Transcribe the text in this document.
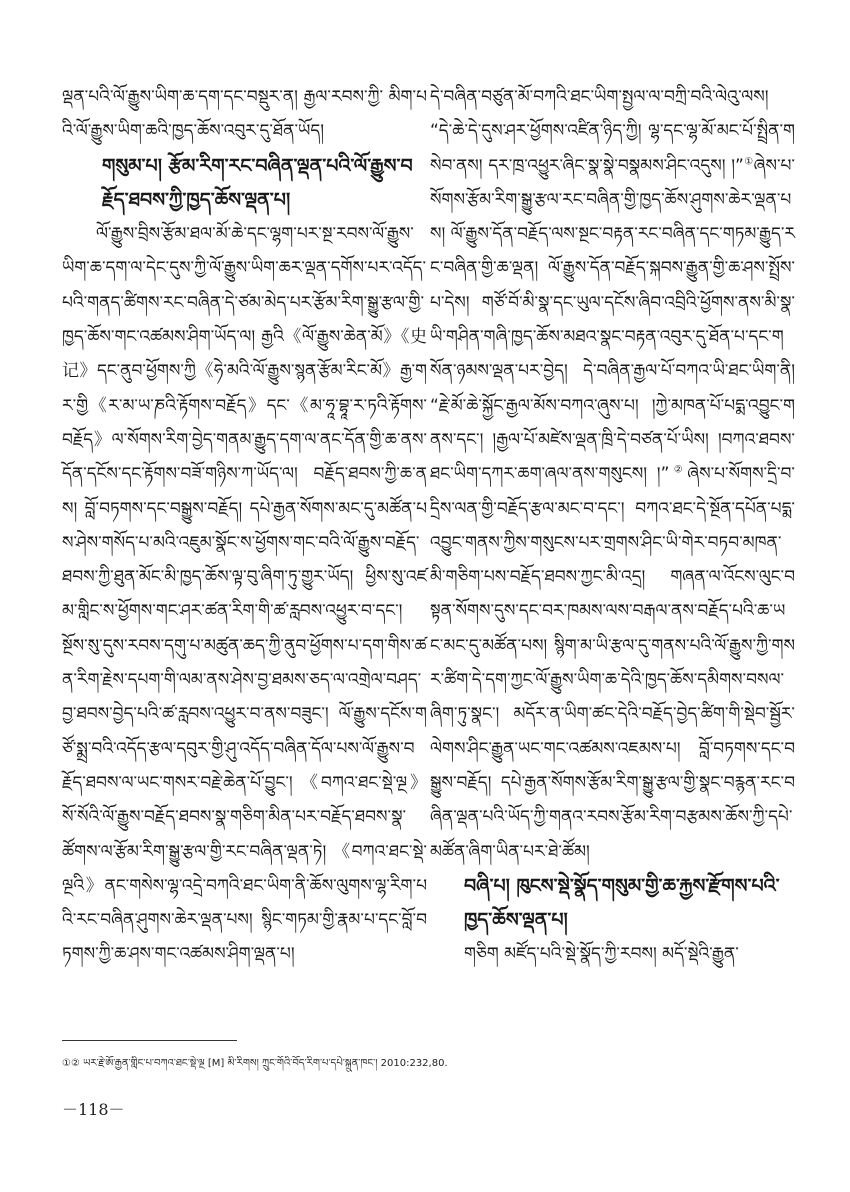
ལྡན་པའི་ལོ་རྒྱུས་ཡིག་ཆ་དག་དང་བསྡུར་ན། རྒྱལ་རབས་ཀྱི་ མིག་པའི་ལོ་རྒྱུས་ཡིག་ཆའི་ཁྱད་ཆོས་འབུར་དུ་ཐོན་ཡོད།

གསུམ་པ། རྩོམ་རིག་རང་བཞིན་ལྡན་པའི་ལོ་རྒྱུས་བརྗོད་ཐབས་ཀྱི་ཁྱད་ཆོས་ལྡན་པ།

ལོ་རྒྱུས་བྲིས་རྩོམ་ཐལ་མོ་ཆེ་དང་ལྷག་པར་སྔ་རབས་ལོ་རྒྱུས་ཡིག་ཆ་དག་ལ་དེང་དུས་ཀྱི་ལོ་རྒྱུས་ཡིག་ཆར་ལྡན་དགོས་པར་འདོད་པའི་གནད་ཚིགས་རང་བཞིན་དེ་ཙམ་མེད་པར་རྩོམ་རིག་སྒྱུ་རྩལ་གྱི་ཁྱད་ཆོས་གང་འཚམས་ཤིག་ཡོད་ལ། རྒྱའི《ལོ་རྒྱུས་ཆེན་མོ》《史记》དང་ནུབ་ཕྱོགས་ཀྱི《ཧེ་མའི་ལོ་རྒྱུས་སྙན་རྩོམ་རིང་མོ》རྒྱ་གར་གྱི《ར་མ་ཡ་ཎའི་རྟོགས་བརྗོད》དང་《མ་ཧཱ་བྷཱ་ར་ཏའི་རྟོགས་བརྗོད》ལ་སོགས་རིག་བྱེད་གནམ་རྒྱུད་དག་ལ་ནང་དོན་གྱི་ཆ་ནས་དོན་དངོས་དང་རྟོགས་བཟོ་གཉིས་ཀ་ཡོད་ལ། བརྗོད་ཐབས་ཀྱི་ཆ་ནས། བློ་བཏགས་དང་བསྒྱུས་བརྗོད། དཔེ་རྒྱན་སོགས་མང་དུ་མཚོན་པས་ཤེས་གསོད་པ་མའི་འཇུམ་སྣོང་ས་ཕྱོགས་གང་བའི་ལོ་རྒྱུས་བརྗོད་ཐབས་ཀྱི་ཐུན་མོང་མི་ཁྱད་ཆོས་ལྟ་བུ་ཞིག་ཏུ་གྱུར་ཡོད། ཕྱིས་སུ་འཛམ་གླིང་ས་ཕྱོགས་གང་ཤར་ཚན་རིག་གི་ཚ་རླབས་འཕྱུར་བ་དང་། སྔོས་སུ་དུས་རབས་དགུ་པ་མཚུན་ཆད་ཀྱི་ནུབ་ཕྱོགས་པ་དག་གིས་ཚན་རིག་རྗེས་དཔག་གི་ལམ་ནས་ཤེས་བྱ་ཐམས་ཅད་ལ་འགྲེལ་བཤད་བྱ་ཐབས་བྱེད་པའི་ཚ་རླབས་འཕྱུར་བ་ནས་བཟུང་། ལོ་རྒྱུས་དངོས་གཙོ་སྨྲ་བའི་འདོད་རྩལ་དབུར་གྱི་ཤུ་འདོད་བཞིན་དོལ་པས་ལོ་རྒྱུས་བརྗོད་ཐབས་ལ་ཡང་གསར་བརྗེ་ཆེན་པོ་བྱུང་། 《བཀའ་ཐང་སྡེ་ལྔ》སོ་སོའི་ལོ་རྒྱུས་བརྗོད་ཐབས་སྣ་གཅིག་མིན་པར་བརྗོད་ཐབས་སྣ་ཚོགས་ལ་རྩོམ་རིག་སྒྱུ་རྩལ་གྱི་རང་བཞིན་ལྡན་ཏེ། 《བཀའ་ཐང་སྡེ་ལྔའི》ནང་གསེས་ལྷ་འདྲེ་བཀའི་ཐང་ཡིག་ནི་ཆོས་ལུགས་ལྷ་རིག་པའི་རང་བཞིན་ཤུགས་ཆེར་ལྡན་པས། སྙིང་གཏམ་གྱི་རྣམ་པ་དང་བློ་བཏགས་ཀྱི་ཆ་ཤས་གང་འཚམས་ཤིག་ལྡན་པ།

དེ་བཞིན་བཙུན་མོ་བཀའི་ཐང་ཡིག་སྤྱལ་ལ་བཀྲི་བའི་ལེའུ་ལས། “དེ་ཆེ་དེ་དུས་ཤར་ཕྱོགས་འཛིན་ཉིད་ཀྱི། ལྷ་དང་ལྷ་མོ་མང་པོ་སྤྲིན་གསེབ་ནས། དར་ཁྲ་འཕྱུར་ཞིང་སྣ་སྣེ་བསྣམས་ཤིང་འདུས། །”①ཞེས་པ་སོགས་རྩོམ་རིག་སྒྱུ་རྩལ་རང་བཞིན་གྱི་ཁྱད་ཆོས་ཤུགས་ཆེར་ལྡན་པས། ལོ་རྒྱུས་དོན་བརྗོད་ལས་སྔང་བརྟན་རང་བཞིན་དང་གཏམ་རྒྱུད་རང་བཞིན་གྱི་ཆ་ལྡན། ལོ་རྒྱུས་དོན་བརྗོད་སྐབས་རྒྱུན་གྱི་ཆ་ཤས་སྤྲོས་པ་དེས། གཙོ་བོ་མི་སྣ་དང་ཡུལ་དངོས་ཞིབ་འབྲིའི་ཕྱོགས་ནས་མི་སྣ་ཡི་གཤིན་གཞི་ཁྱད་ཆོས་མཐའ་སྣང་བརྟན་འབུར་དུ་ཐོན་པ་དང་གསོན་ཉམས་ལྡན་པར་བྱེད། དེ་བཞིན་རྒྱལ་པོ་བཀའ་ཡི་ཐང་ཡིག་ནི། “རྗེ་མོ་ཆེ་སྐྱོང་རྒྱལ་མོས་བཀའ་ཞུས་པ། །ཀྱེ་མཁན་པོ་པདྨ་འབྱུང་གནས་དང་། །རྒྱལ་པོ་མཛེས་ལྡན་ཁྲི་དེ་བཙན་པོ་ཡིས། །བཀའ་ཐབས་ཐང་ཡིག་དཀར་ཆག་ཞལ་ནས་གསུངས། །”②ཞེས་པ་སོགས་དྲི་བ་དྲིས་ལན་གྱི་བརྗོད་རྩལ་མང་བ་དང་། བཀའ་ཐང་དེ་སྔོན་དཔོན་པདྨ་འབྱུང་གནས་ཀྱིས་གསུངས་པར་གྲགས་ཤིང་ཡི་གེར་བཏབ་མཁན་མི་གཅིག་པས་བརྗོད་ཐབས་ཀྱང་མི་འདྲ། གཞན་ལ་འོངས་ལུང་བསྟན་སོགས་དུས་དང་བར་ཁམས་ལས་བརྒལ་ནས་བརྗོད་པའི་ཆ་ཡང་མང་དུ་མཚོན་པས། སྙིག་མ་ཡི་རྩལ་དུ་གནས་པའི་ལོ་རྒྱུས་ཀྱི་གསར་ཚིག་དེ་དག་ཀྱང་ལོ་རྒྱུས་ཡིག་ཆ་དེའི་ཁྱད་ཆོས་དམིགས་བསལ་ཞིག་ཏུ་སྣང་། མདོར་ན་ཡིག་ཚང་དེའི་བརྗོད་བྱེད་ཚིག་གི་སྡེབ་སྦྱོར་ལེགས་ཤིང་རྒྱུན་ཡང་གང་འཚམས་འཇམས་པ། བློ་བཏགས་དང་བསྒྱུས་བརྗོད། དཔེ་རྒྱན་སོགས་རྩོམ་རིག་སྒྱུ་རྩལ་གྱི་སྣང་བརྙན་རང་བཞིན་ལྡན་པའི་ཡོད་ཀྱི་གནའ་རབས་རྩོམ་རིག་བརྩམས་ཆོས་ཀྱི་དཔེ་མཚོན་ཞིག་ཡིན་པར་ཐེ་ཚོམ།

བཞི་པ། ཁུངས་སྡེ་སྣོད་གསུམ་གྱི་ཆ་རྐྱས་རྫོགས་པའི་ཁྱད་ཆོས་ལྡན་པ།

གཅིག མཛོད་པའི་སྡེ་སྣོད་ཀྱི་རབས། མདོ་སྡེའི་རྒྱུན་

①② ཡར་རྗེ་ཨོ་རྒྱན་གླིང་པ་བཀའ་ཐང་སྡེ་ལྔ [M] མི་རིགས། ཀྲུང་གོའི་བོད་རིག་པ་དཔེ་སྐྲུན་ཁང་། 2010:232,80.
－118－
